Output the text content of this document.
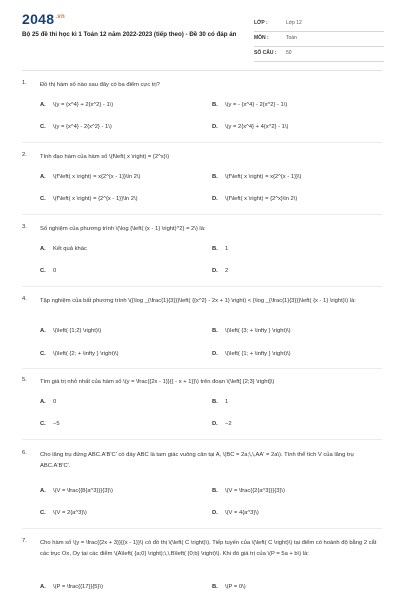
$2048^{.vn}$
Bộ 25 đề thi học kì 1 Toán 12 năm 2022-2023 (tiếp theo) - Đề 30 có đáp án
LỚP :	Lớp 12
MÔN :	Toán
SỐ CÂU : 50
1. Đồ thị hàm số nào sau đây có ba điểm cực trị?
A. \(y = {x^4} + 2{x^2} - 1\)	B. \(y = - {x^4} - 2{x^2} - 1\)
C. \(y = {x^4} - 2{x^2} - 1\)	D. \(y = 2{x^4} + 4{x^2} - 1\)
2. Tính đạo hàm của hàm số \(f\left( x \right) = {2^x}\)
A. \(f'\left( x \right) = x{2^{x - 1}}\ln 2\)	B. \(f'\left( x \right) = x{2^{x - 1}}\)
C. \(f'\left( x \right) = {2^{x - 1}}\ln 2\)	D. \(f'\left( x \right) = {2^x}\ln 2\)
3. Số nghiệm của phương trình \(\log {\left( {x - 1} \right)^2} = 2\) là:
A. Kết quả khác	B. 1
C. 0	D. 2
4. Tập nghiệm của bất phương trình \({\log _{\frac{1}{3}}}\left( {{x^2} - 2x + 1} \right) < {\log _{\frac{1}{3}}}\left( {x - 1} \right)\) là:
A. \(\left( {1;2} \right)\)	B. \(\left( {3; + \infty } \right)\)
C. \(\left( {2; + \infty } \right)\)	D. \(\left( {1; + \infty } \right)\)
5. Tìm giá trị nhỏ nhất của hàm số \(y = \frac{{2x - 1}}{{ - x + 1}}\) trên đoạn \(\left[ {2;3} \right]\)
A. 0	B. 1
C. −5	D. −2
6. Cho lăng trụ đứng ABC.A'B'C' có đáy ABC là tam giác vuông cân tại A, \(BC = 2a;\,\,AA' = 2a\). Tính thể tích V của lăng trụ ABC.A'B'C'.
A. \(V = \frac{{8{a^3}}}{3}\)	B. \(V = \frac{{2{a^3}}}{3}\)
C. \(V = 2{a^3}\)	D. \(V = 4{a^3}\)
7. Cho hàm số \(y = \frac{{2x + 3}}{{x - 1}}\) có đồ thị \(\left( C \right)\). Tiếp tuyến của \(\left( C \right)\) tại điểm có hoành độ bằng 2 cắt các trục Ox, Oy tại các điểm \(A\left( {a;0} \right);\,\,B\left( {0;b} \right)\). Khi đó giá trị của \(P = 5a + b\) là:
A. \(P = \frac{{17}}{5}\)	B. \(P = 0\)
